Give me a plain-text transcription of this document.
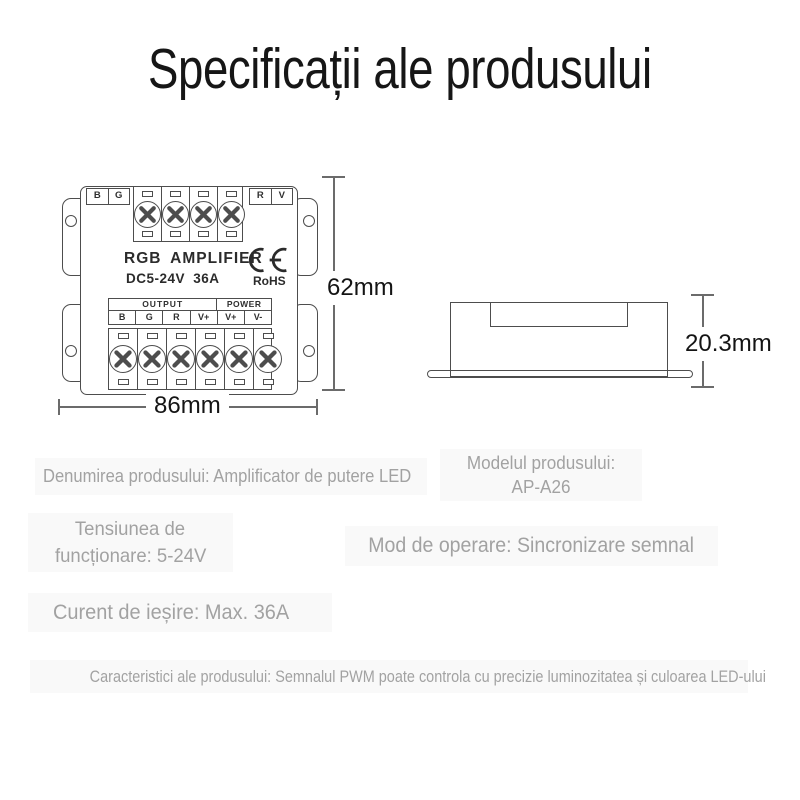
Specificații ale produsului
B	G	R	V
RGB AMPLIFIER
DC5-24V 36A	RoHS
OUTPUT	POWER
B	G	R	V+	V+	V-
86mm
62mm
20.3mm
Denumirea produsului: Amplificator de putere LED
Modelul produsului:
AP-A26
Tensiunea de
funcționare: 5-24V	Mod de operare: Sincronizare semnal
Curent de ieșire: Max. 36A
Caracteristici ale produsului: Semnalul PWM poate controla cu precizie luminozitatea și culoarea LED-ului
